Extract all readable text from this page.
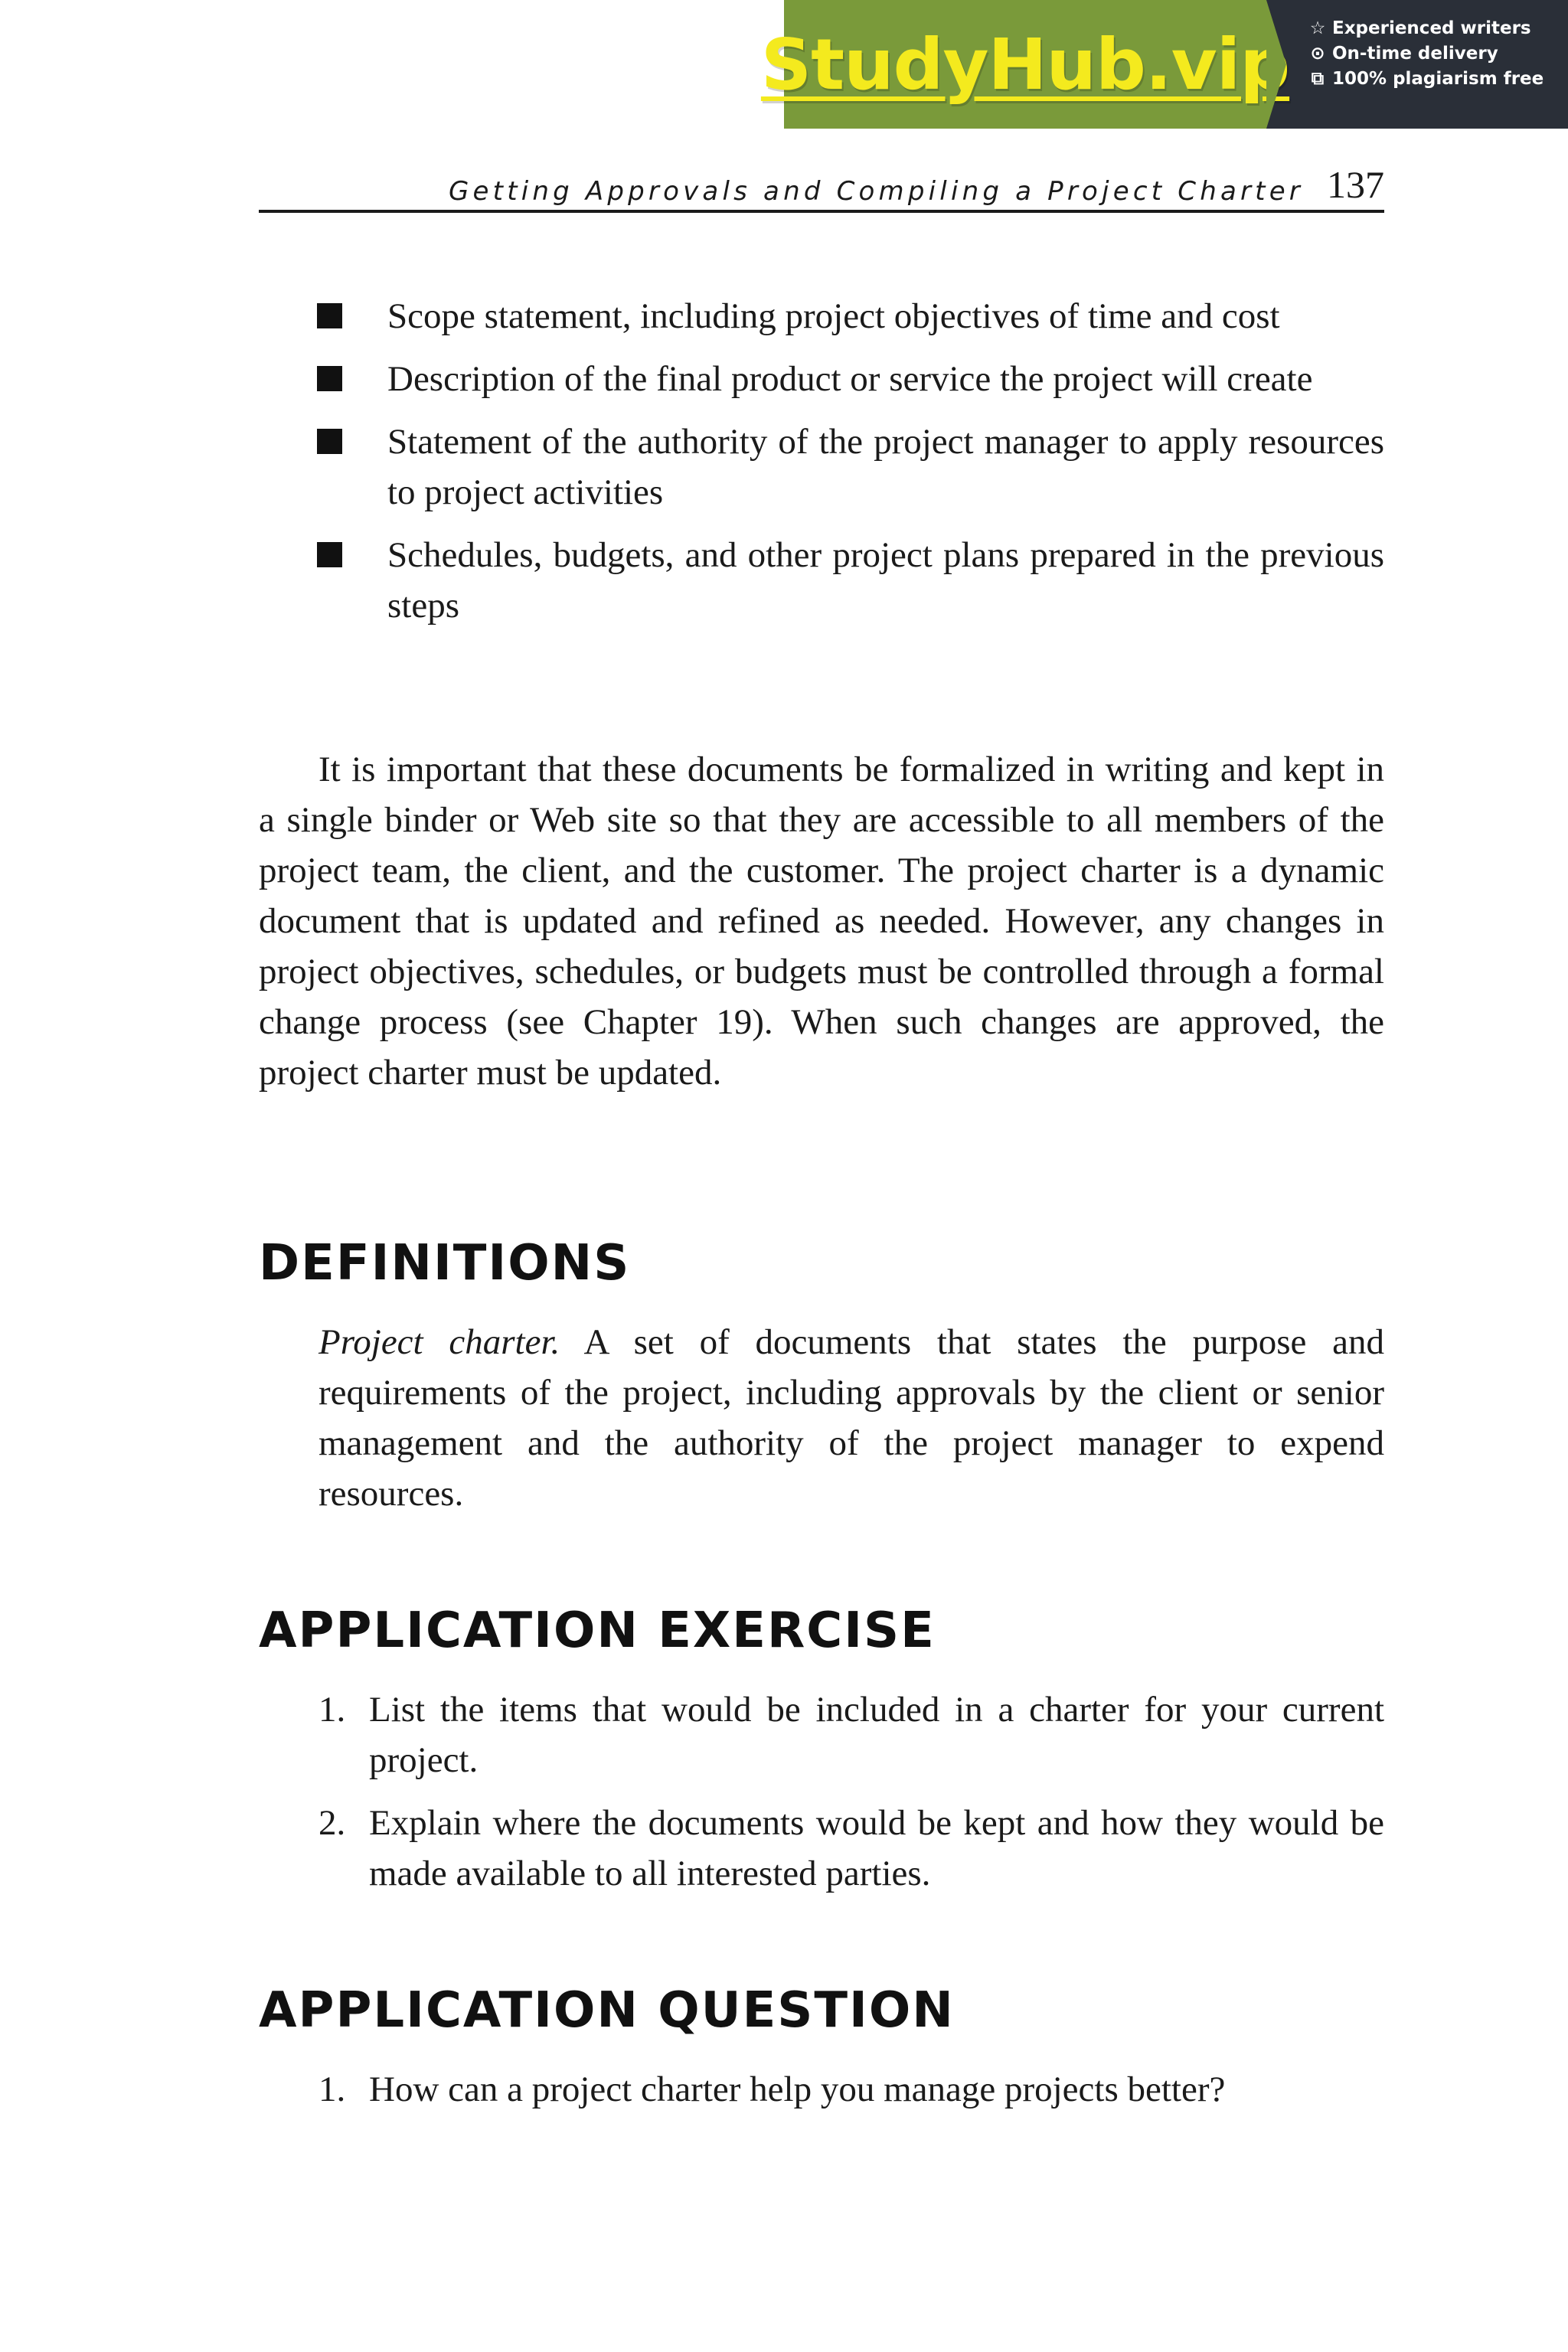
StudyHub.vip ☆ Experienced writers
⊙ On-time delivery
⧉ 100% plagiarism free
Getting Approvals and Compiling a Project Charter 137
Scope statement, including project objectives of time and cost
Description of the final product or service the project will create
Statement of the authority of the project manager to apply resources to project activities
Schedules, budgets, and other project plans prepared in the previous steps

It is important that these documents be formalized in writing and kept in a single binder or Web site so that they are accessible to all members of the project team, the client, and the customer. The project charter is a dynamic document that is updated and refined as needed. However, any changes in project objectives, schedules, or budgets must be controlled through a formal change process (see Chapter 19). When such changes are approved, the project charter must be updated.

DEFINITIONS

Project charter. A set of documents that states the purpose and requirements of the project, including approvals by the client or senior management and the authority of the project manager to expend resources.

APPLICATION EXERCISE
1. List the items that would be included in a charter for your current project.
2. Explain where the documents would be kept and how they would be made available to all interested parties.
APPLICATION QUESTION
1. How can a project charter help you manage projects better?
